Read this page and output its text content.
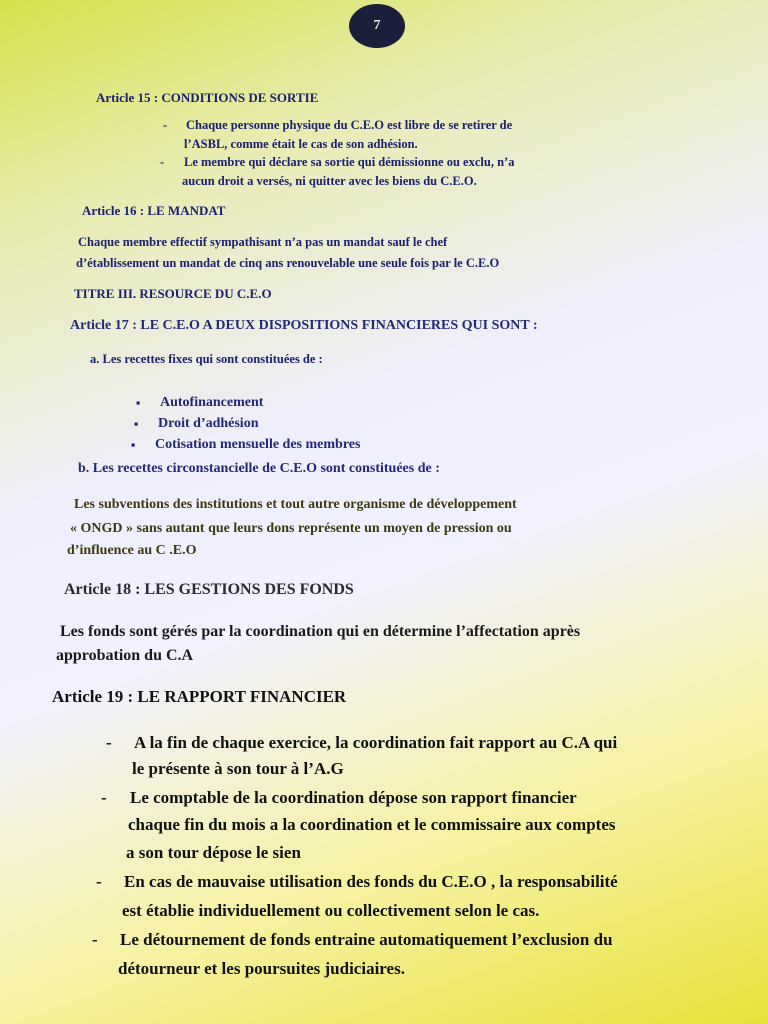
7
Article 15 : CONDITIONS DE SORTIE
- Chaque personne physique du C.E.O est libre de se retirer de
l’ASBL, comme était le cas de son adhésion.
- Le membre qui déclare sa sortie qui démissionne ou exclu, n’a
aucun droit a versés, ni quitter avec les biens du C.E.O.
Article 16 : LE MANDAT
Chaque membre effectif sympathisant n’a pas un mandat sauf le chef
d’établissement un mandat de cinq ans renouvelable une seule fois par le C.E.O
TITRE III. RESOURCE DU C.E.O
Article 17 : LE C.E.O A DEUX DISPOSITIONS FINANCIERES QUI SONT :
a. Les recettes fixes qui sont constituées de :
▪ Autofinancement
▪ Droit d’adhésion
▪ Cotisation mensuelle des membres
b. Les recettes circonstancielle de C.E.O sont constituées de :
Les subventions des institutions et tout autre organisme de développement
« ONGD » sans autant que leurs dons représente un moyen de pression ou
d’influence au C .E.O
Article 18 : LES GESTIONS DES FONDS
Les fonds sont gérés par la coordination qui en détermine l’affectation après
approbation du C.A
Article 19 : LE RAPPORT FINANCIER
- A la fin de chaque exercice, la coordination fait rapport au C.A qui
le présente à son tour à l’A.G
- Le comptable de la coordination dépose son rapport financier
chaque fin du mois a la coordination et le commissaire aux comptes
a son tour dépose le sien
- En cas de mauvaise utilisation des fonds du C.E.O , la responsabilité
est établie individuellement ou collectivement selon le cas.
- Le détournement de fonds entraine automatiquement l’exclusion du
détourneur et les poursuites judiciaires.
